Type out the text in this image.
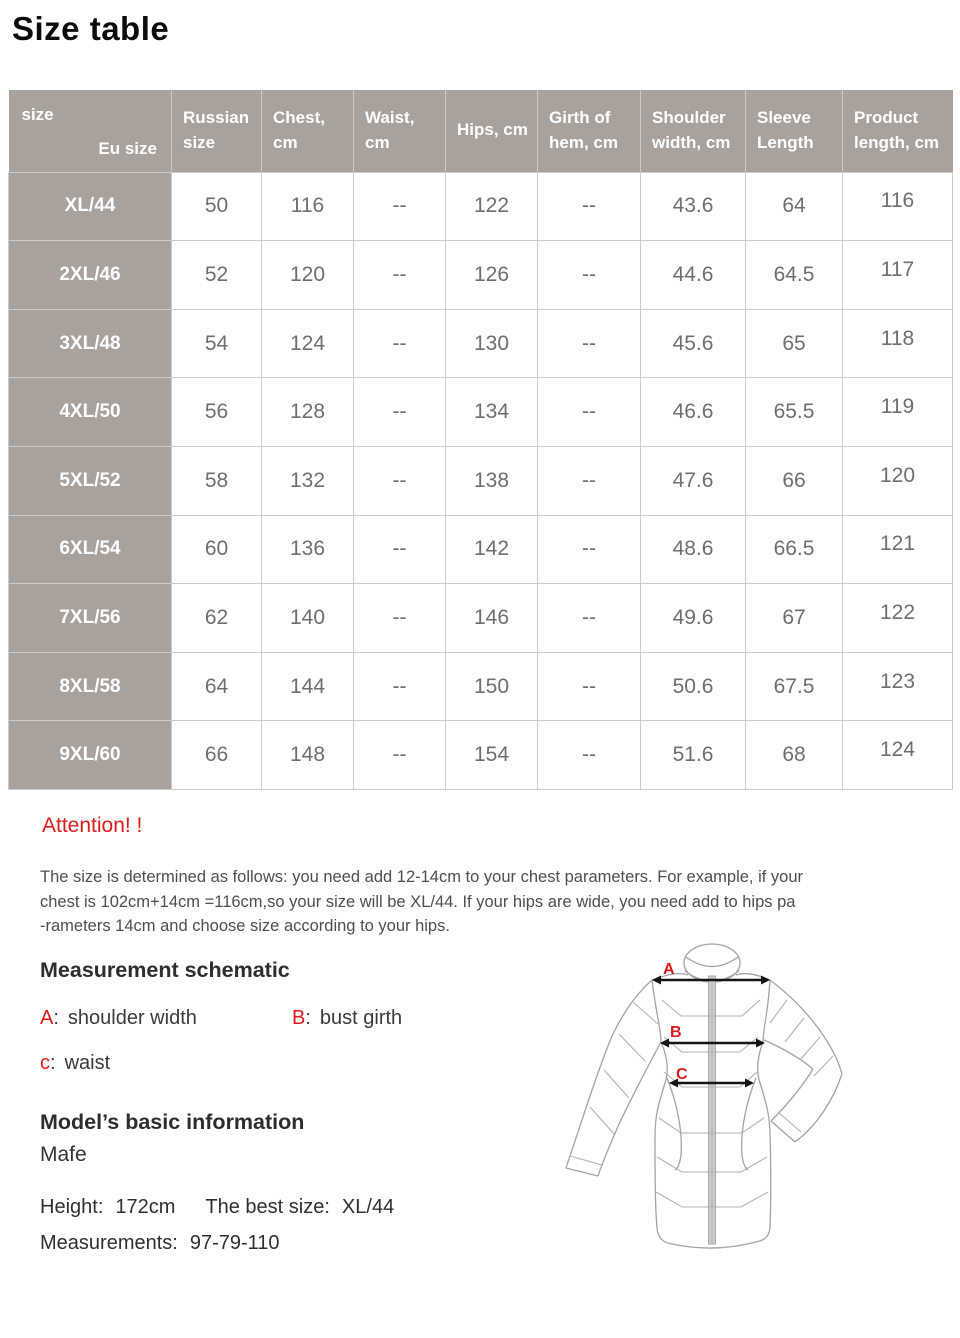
Size table
size
Eu size	Russian size	Chest, cm	Waist, cm	Hips, cm	Girth of hem, cm	Shoulder width, cm	Sleeve Length	Product length, cm
XL/44	50	116	--	122	--	43.6	64	116
2XL/46	52	120	--	126	--	44.6	64.5	117
3XL/48	54	124	--	130	--	45.6	65	118
4XL/50	56	128	--	134	--	46.6	65.5	119
5XL/52	58	132	--	138	--	47.6	66	120
6XL/54	60	136	--	142	--	48.6	66.5	121
7XL/56	62	140	--	146	--	49.6	67	122
8XL/58	64	144	--	150	--	50.6	67.5	123
9XL/60	66	148	--	154	--	51.6	68	124
Attention! !
The size is determined as follows: you need add 12-14cm to your chest parameters. For example, if your
chest is 102cm+14cm =116cm,so your size will be XL/44. If your hips are wide, you need add to hips pa
-rameters 14cm and choose size according to your hips.
Measurement schematic
A: shoulder width	B: bust girth
c: waist
Model’s basic information
Mafe
Height: 172cm The best size: XL/44
Measurements: 97-79-110
A
B
C
